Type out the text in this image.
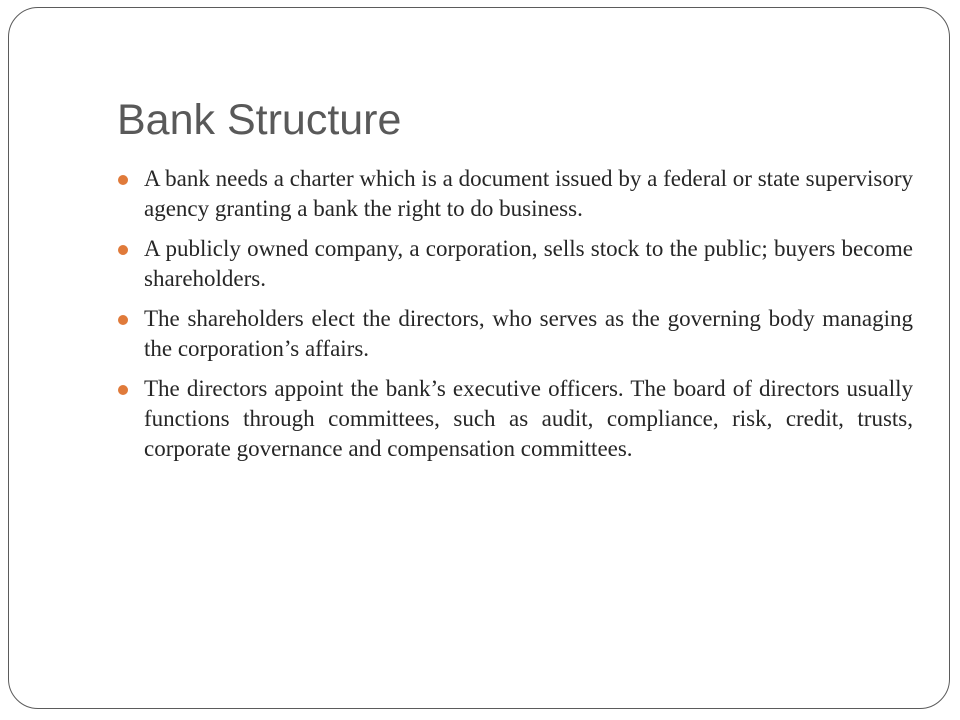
Bank Structure
A bank needs a charter which is a document issued by a federal or state supervisory agency granting a bank the right to do business.
A publicly owned company, a corporation, sells stock to the public; buyers become shareholders.
The shareholders elect the directors, who serves as the governing body managing the corporation’s affairs.
The directors appoint the bank’s executive officers. The board of directors usually functions through committees, such as audit, compliance, risk, credit, trusts, corporate governance and compensation committees.
